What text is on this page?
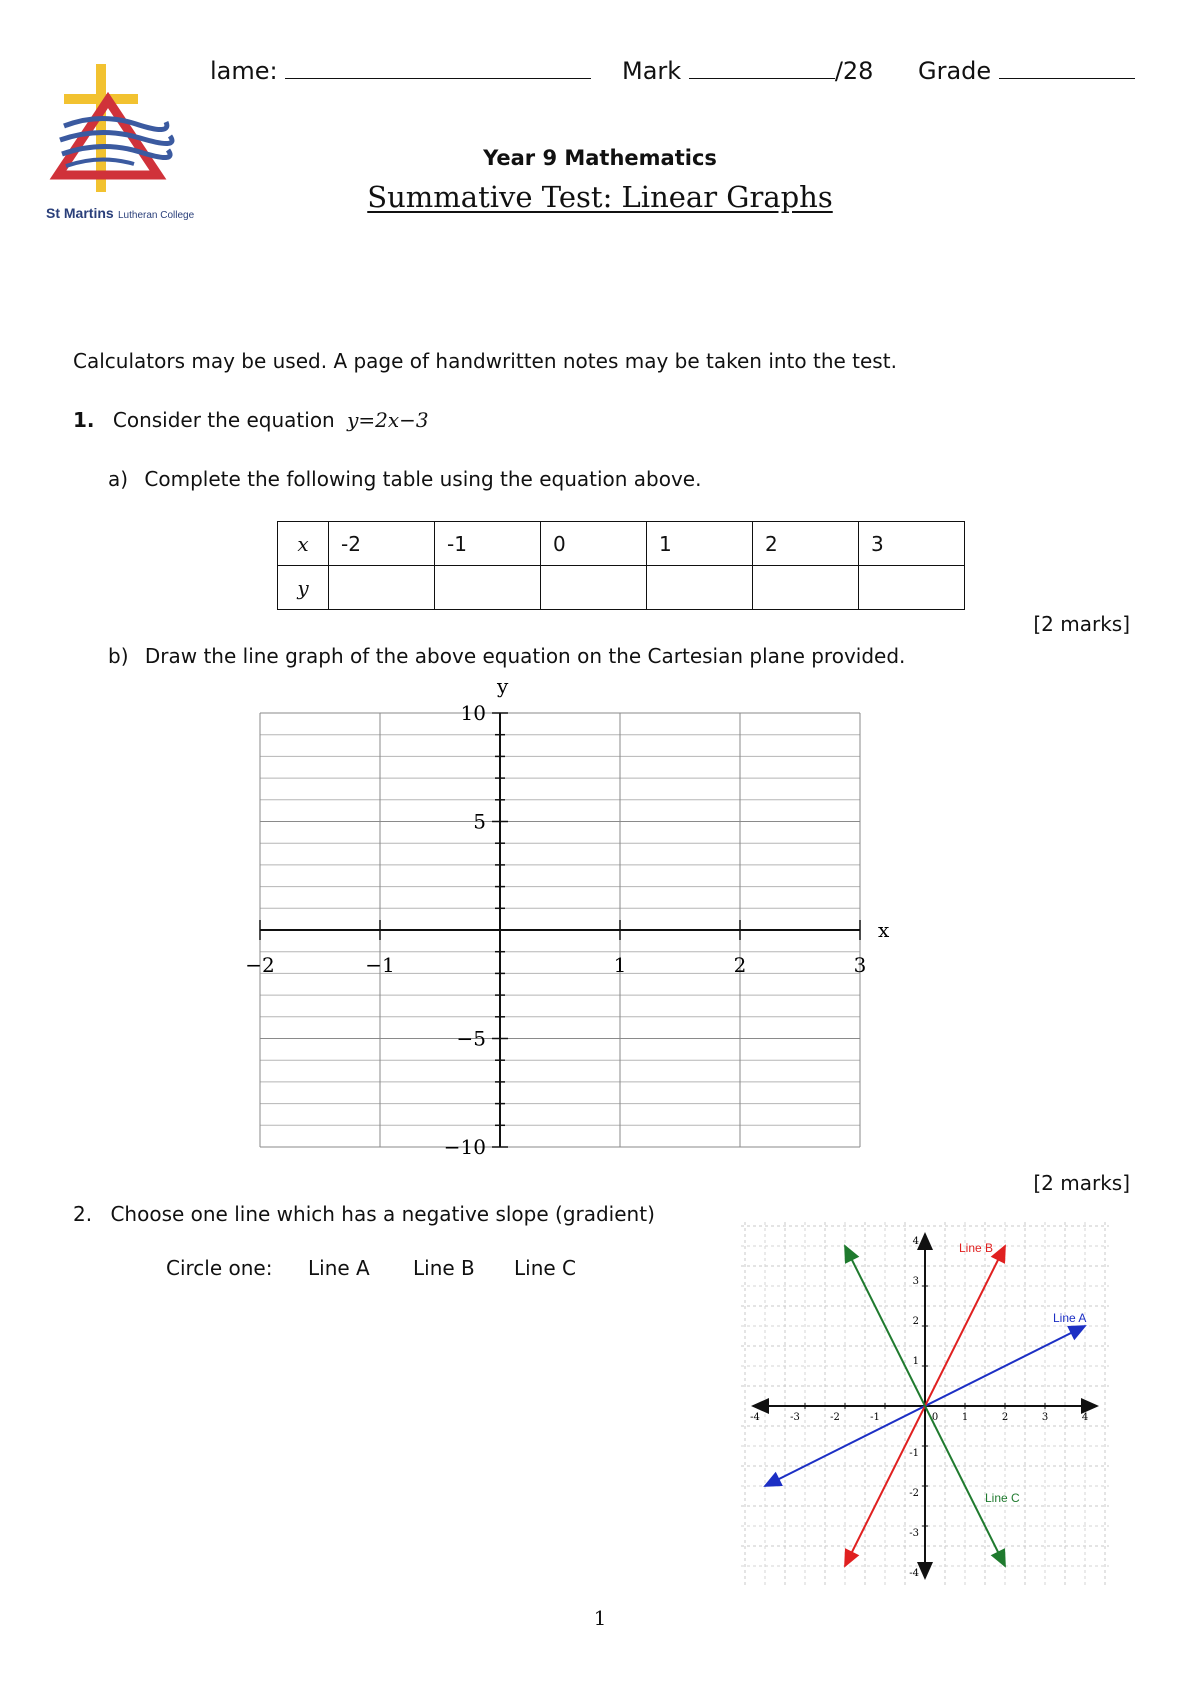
St Martins Lutheran College
lame:	Mark	/28 Grade
Year 9 Mathematics
Summative Test: Linear Graphs
Calculators may be used. A page of handwritten notes may be taken into the test.
1. Consider the equation y=2x−3
a) Complete the following table using the equation above.
x	-2	-1	0	1	2	3
y						
[2 marks]
b) Draw the line graph of the above equation on the Cartesian plane provided.
−2	−1	1	2	3
10
5
−5
−10
x
y
[2 marks]
2. Choose one line which has a negative slope (gradient)
Circle one: Line A Line B Line C
-4	-3	-2	-1	1	2	3	4
4
3
2
1
-1
-2
-3
-4
0
Line A
Line B
Line C
1
